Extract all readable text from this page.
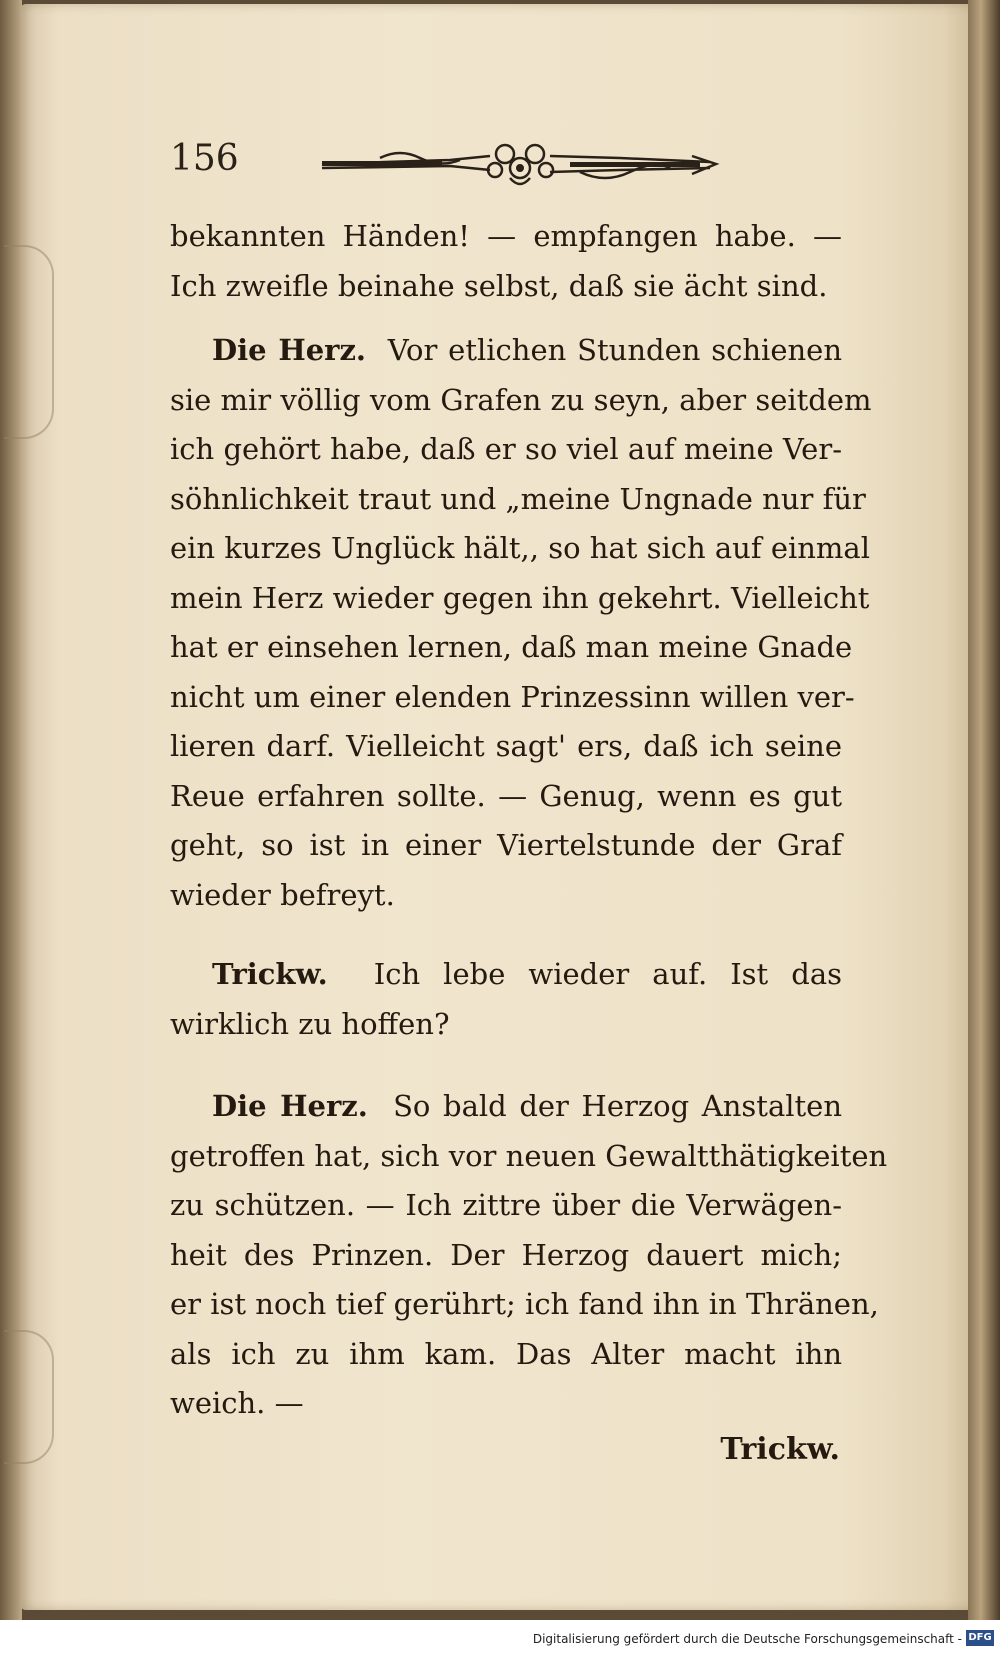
156
bekannten Händen! — empfangen habe. —
Ich zweifle beinahe selbst, daß sie ächt sind.
Die Herz. Vor etlichen Stunden schienen
sie mir völlig vom Grafen zu seyn, aber seitdem
ich gehört habe, daß er so viel auf meine Ver-
söhnlichkeit traut und „meine Ungnade nur für
ein kurzes Unglück hält,, so hat sich auf einmal
mein Herz wieder gegen ihn gekehrt. Vielleicht
hat er einsehen lernen, daß man meine Gnade
nicht um einer elenden Prinzessinn willen ver-
lieren darf. Vielleicht sagt' ers, daß ich seine
Reue erfahren sollte. — Genug, wenn es gut
geht, so ist in einer Viertelstunde der Graf
wieder befreyt.
Trickw. Ich lebe wieder auf. Ist das
wirklich zu hoffen?
Die Herz. So bald der Herzog Anstalten
getroffen hat, sich vor neuen Gewaltthätigkeiten
zu schützen. — Ich zittre über die Verwägen-
heit des Prinzen. Der Herzog dauert mich;
er ist noch tief gerührt; ich fand ihn in Thränen,
als ich zu ihm kam. Das Alter macht ihn
weich. —
Trickw.
Digitalisierung gefördert durch die Deutsche Forschungsgemeinschaft - DFG
